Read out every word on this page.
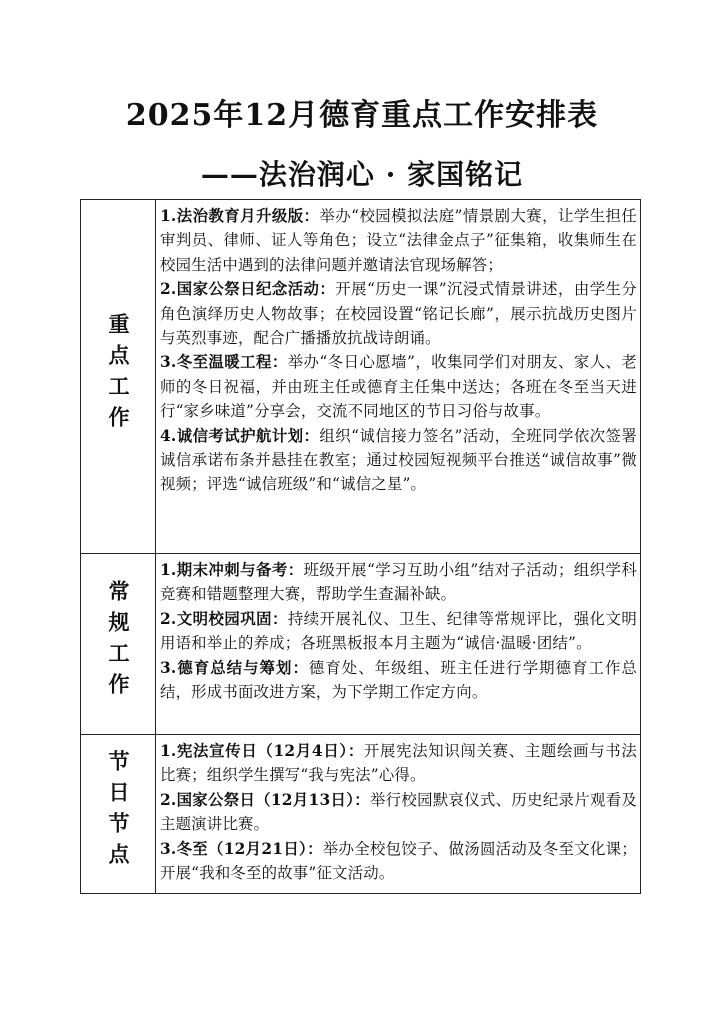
2025年12月德育重点工作安排表
——法治润心 · 家国铭记
重点工作	1.法治教育月升级版：举办“校园模拟法庭”情景剧大赛，让学生担任审判员、律师、证人等角色；设立“法律金点子”征集箱，收集师生在校园生活中遇到的法律问题并邀请法官现场解答；
2.国家公祭日纪念活动：开展“历史一课”沉浸式情景讲述，由学生分角色演绎历史人物故事；在校园设置“铭记长廊”，展示抗战历史图片与英烈事迹，配合广播播放抗战诗朗诵。
3.冬至温暖工程：举办“冬日心愿墙”，收集同学们对朋友、家人、老师的冬日祝福，并由班主任或德育主任集中送达；各班在冬至当天进行“家乡味道”分享会，交流不同地区的节日习俗与故事。
4.诚信考试护航计划：组织“诚信接力签名”活动，全班同学依次签署诚信承诺布条并悬挂在教室；通过校园短视频平台推送“诚信故事”微视频；评选“诚信班级”和“诚信之星”。

常规工作	1.期末冲刺与备考：班级开展“学习互助小组”结对子活动；组织学科竞赛和错题整理大赛，帮助学生查漏补缺。
2.文明校园巩固：持续开展礼仪、卫生、纪律等常规评比，强化文明用语和举止的养成；各班黑板报本月主题为“诚信·温暖·团结”。
3.德育总结与筹划：德育处、年级组、班主任进行学期德育工作总结，形成书面改进方案，为下学期工作定方向。

节日节点	1.宪法宣传日（12月4日）：开展宪法知识闯关赛、主题绘画与书法比赛；组织学生撰写“我与宪法”心得。
2.国家公祭日（12月13日）：举行校园默哀仪式、历史纪录片观看及主题演讲比赛。
3.冬至（12月21日）：举办全校包饺子、做汤圆活动及冬至文化课；开展“我和冬至的故事”征文活动。
